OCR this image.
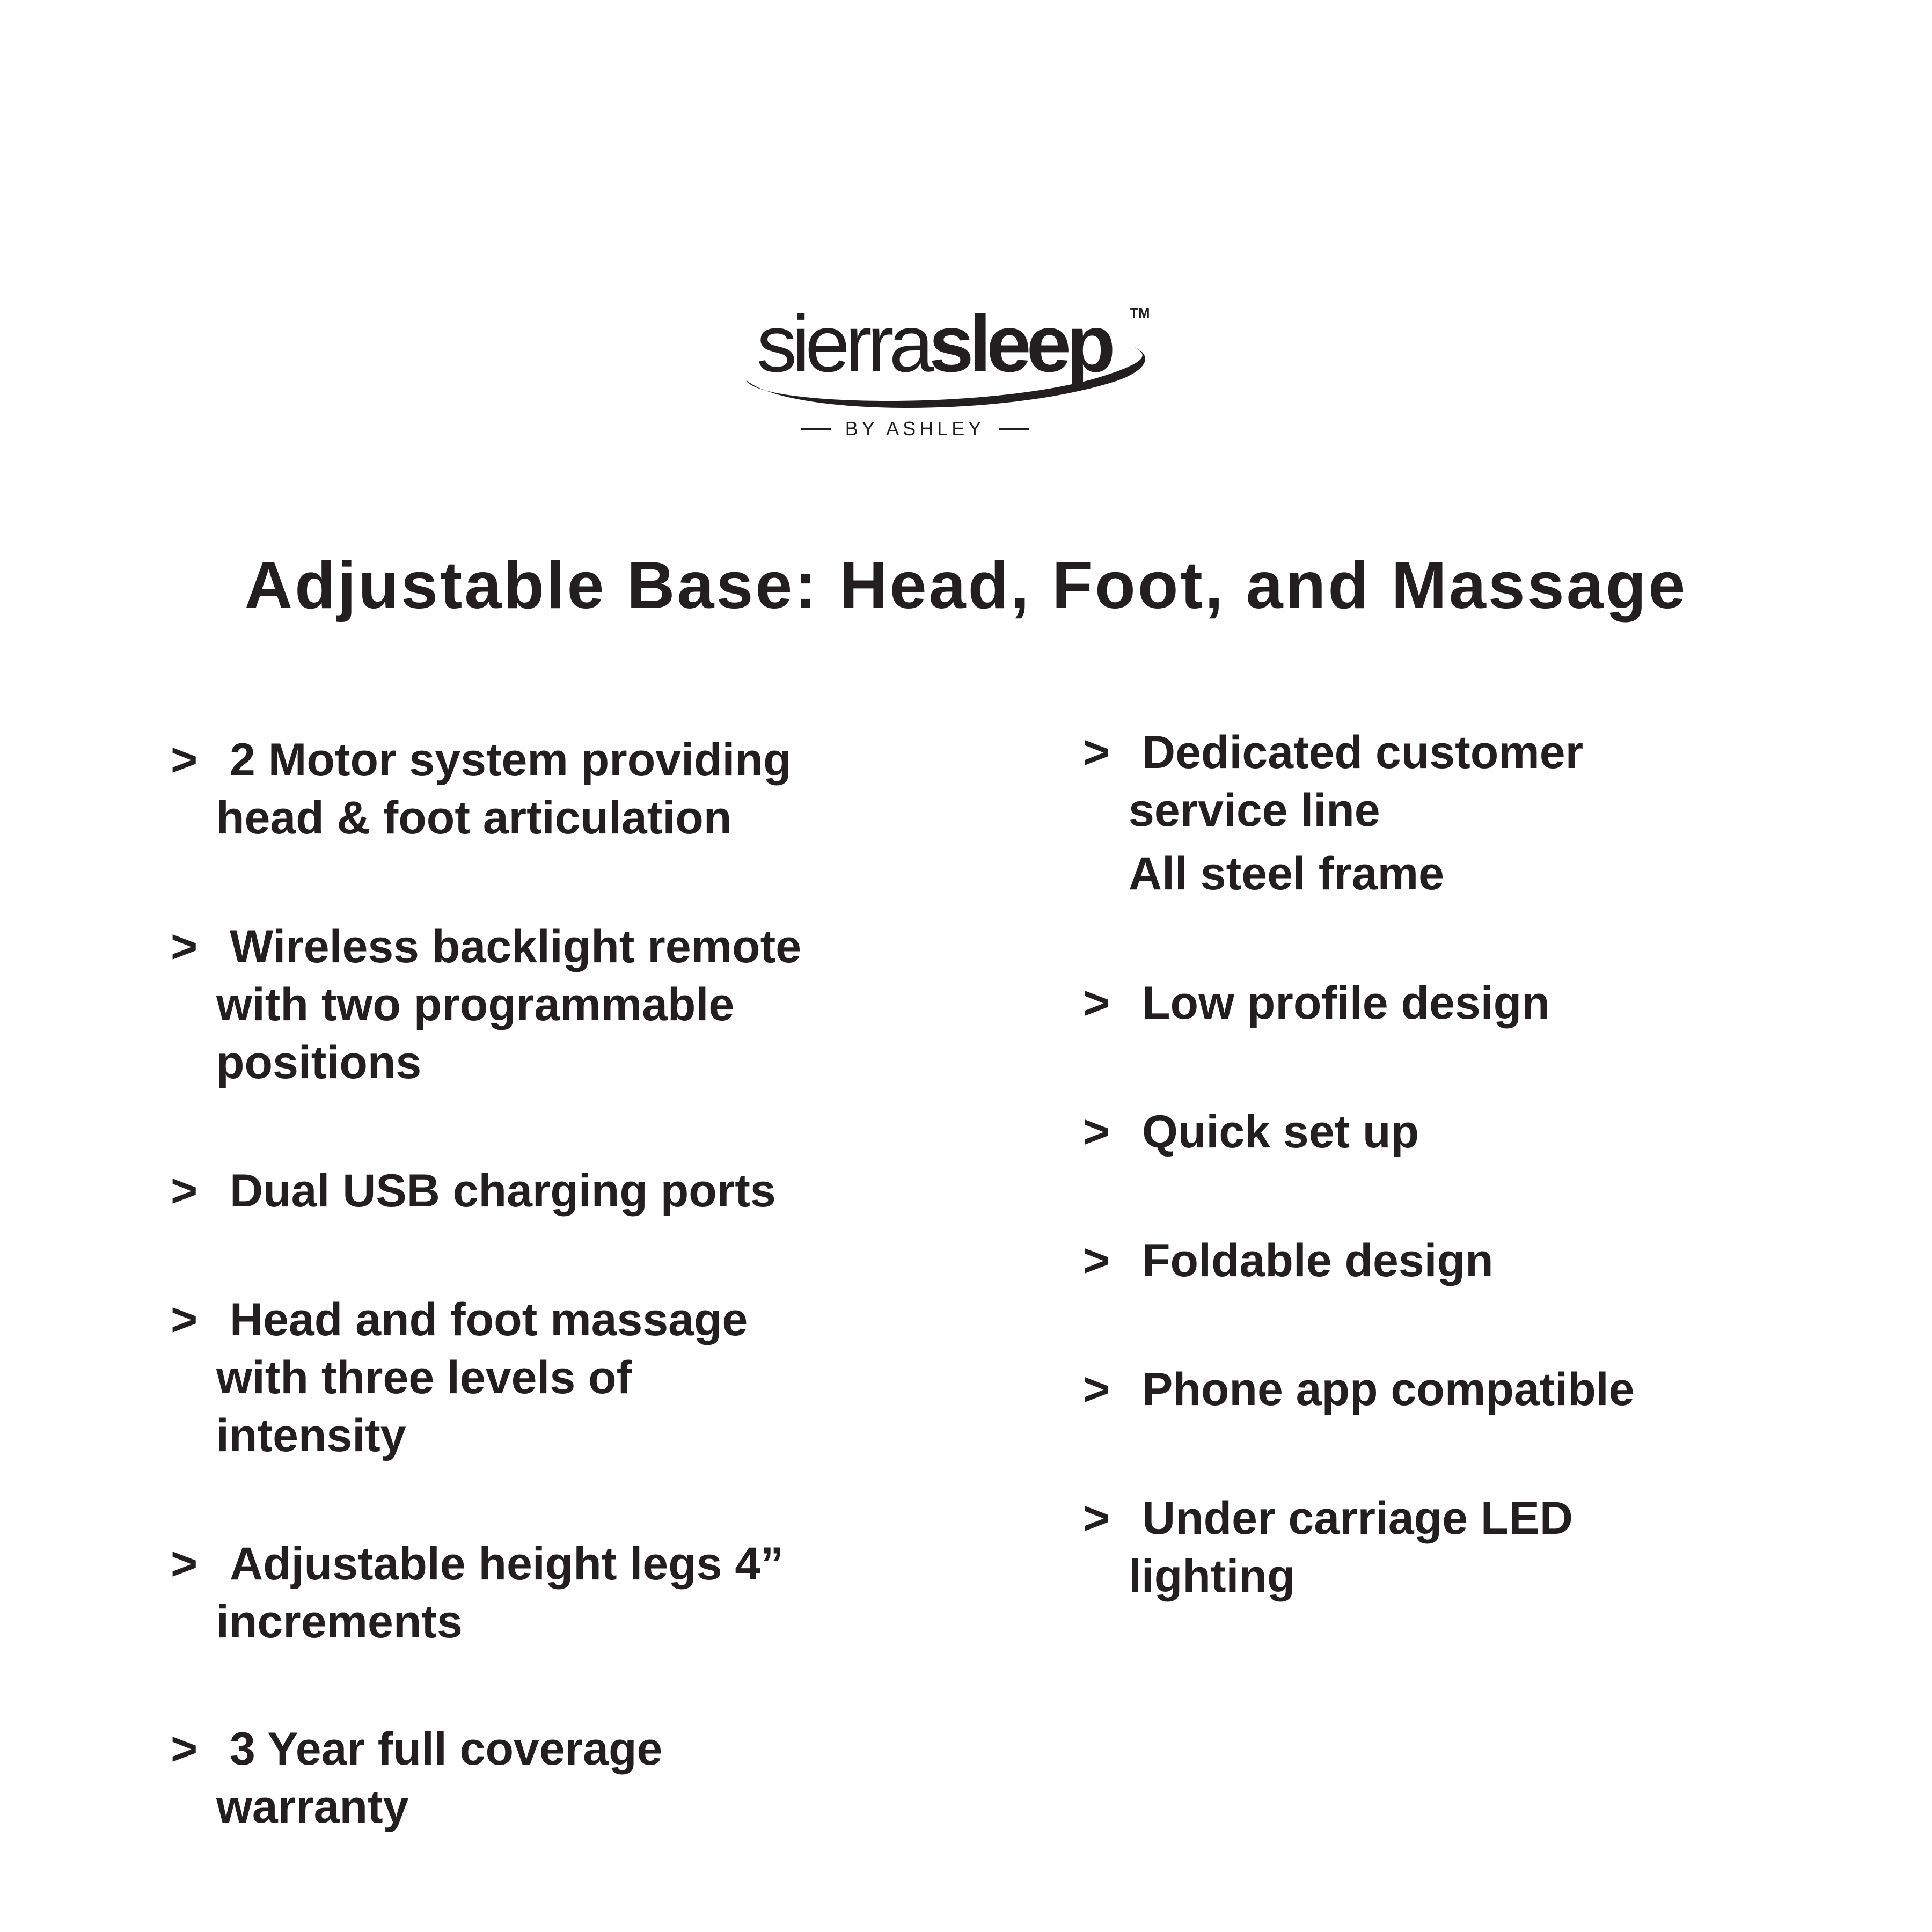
sierrasleep TM
BY ASHLEY
Adjustable Base: Head, Foot, and Massage
> 2 Motor system providing
head & foot articulation
> Wireless backlight remote
with two programmable
positions
> Dual USB charging ports
> Head and foot massage
with three levels of
intensity
> Adjustable height legs 4”
increments
> 3 Year full coverage
warranty
> Dedicated customer
service line
All steel frame
> Low profile design
> Quick set up
> Foldable design
> Phone app compatible
> Under carriage LED
lighting
